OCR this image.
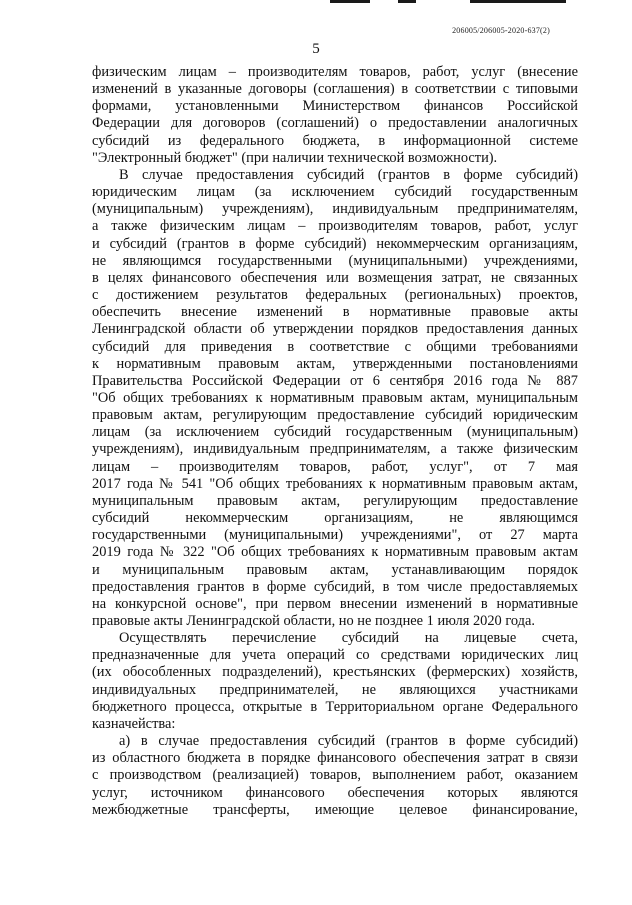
206005/206005-2020-637(2)
5
физическим лицам – производителям товаров, работ, услуг (внесение
изменений в указанные договоры (соглашения) в соответствии с типовыми
формами, установленными Министерством финансов Российской
Федерации для договоров (соглашений) о предоставлении аналогичных
субсидий из федерального бюджета, в информационной системе
"Электронный бюджет" (при наличии технической возможности).
В случае предоставления субсидий (грантов в форме субсидий)
юридическим лицам (за исключением субсидий государственным
(муниципальным) учреждениям), индивидуальным предпринимателям,
а также физическим лицам – производителям товаров, работ, услуг
и субсидий (грантов в форме субсидий) некоммерческим организациям,
не являющимся государственными (муниципальными) учреждениями,
в целях финансового обеспечения или возмещения затрат, не связанных
с достижением результатов федеральных (региональных) проектов,
обеспечить внесение изменений в нормативные правовые акты
Ленинградской области об утверждении порядков предоставления данных
субсидий для приведения в соответствие с общими требованиями
к нормативным правовым актам, утвержденными постановлениями
Правительства Российской Федерации от 6 сентября 2016 года № 887
"Об общих требованиях к нормативным правовым актам, муниципальным
правовым актам, регулирующим предоставление субсидий юридическим
лицам (за исключением субсидий государственным (муниципальным)
учреждениям), индивидуальным предпринимателям, а также физическим
лицам – производителям товаров, работ, услуг", от 7 мая
2017 года № 541 "Об общих требованиях к нормативным правовым актам,
муниципальным правовым актам, регулирующим предоставление
субсидий некоммерческим организациям, не являющимся
государственными (муниципальными) учреждениями", от 27 марта
2019 года № 322 "Об общих требованиях к нормативным правовым актам
и муниципальным правовым актам, устанавливающим порядок
предоставления грантов в форме субсидий, в том числе предоставляемых
на конкурсной основе", при первом внесении изменений в нормативные
правовые акты Ленинградской области, но не позднее 1 июля 2020 года.
Осуществлять перечисление субсидий на лицевые счета,
предназначенные для учета операций со средствами юридических лиц
(их обособленных подразделений), крестьянских (фермерских) хозяйств,
индивидуальных предпринимателей, не являющихся участниками
бюджетного процесса, открытые в Территориальном органе Федерального
казначейства:
а) в случае предоставления субсидий (грантов в форме субсидий)
из областного бюджета в порядке финансового обеспечения затрат в связи
с производством (реализацией) товаров, выполнением работ, оказанием
услуг, источником финансового обеспечения которых являются
межбюджетные трансферты, имеющие целевое финансирование,
